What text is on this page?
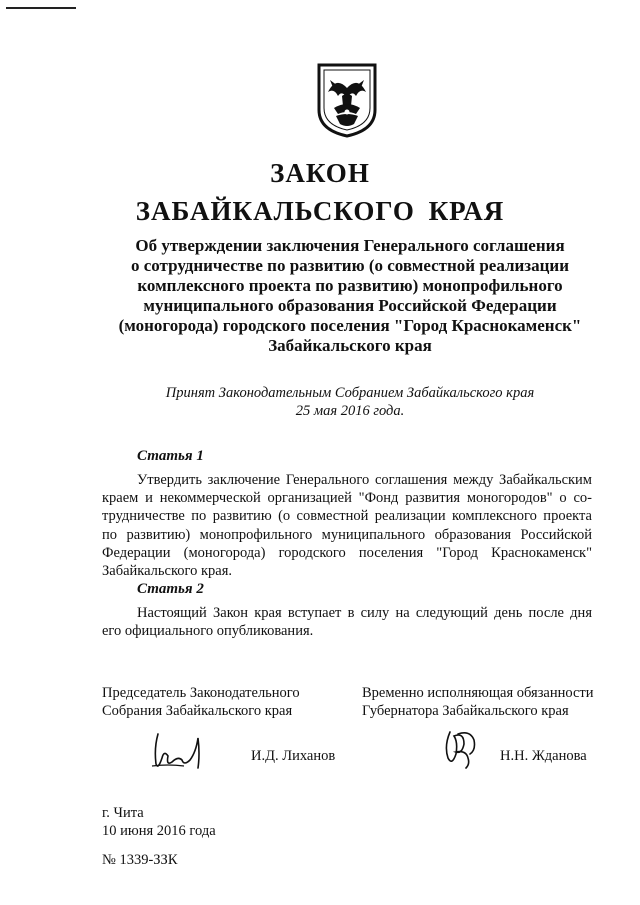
ЗАКОН
ЗАБАЙКАЛЬСКОГО КРАЯ
Об утверждении заключения Генерального соглашения
о сотрудничестве по развитию (о совместной реализации
комплексного проекта по развитию) монопрофильного
муниципального образования Российской Федерации
(моногорода) городского поселения "Город Краснокаменск"
Забайкальского края
Принят Законодательным Собранием Забайкальского края
25 мая 2016 года.
Статья 1
Утвердить заключение Генерального соглашения между Забайкальским
краем и некоммерческой организацией "Фонд развития моногородов" о со-
трудничестве по развитию (о совместной реализации комплексного проекта
по развитию) монопрофильного муниципального образования Российской
Федерации (моногорода) городского поселения "Город Краснокаменск"
Забайкальского края.
Статья 2
Настоящий Закон края вступает в силу на следующий день после дня
его официального опубликования.
Председатель Законодательного
Собрания Забайкальского края
Временно исполняющая обязанности
Губернатора Забайкальского края
И.Д. Лиханов	Н.Н. Жданова
г. Чита
10 июня 2016 года
№ 1339-ЗЗК
